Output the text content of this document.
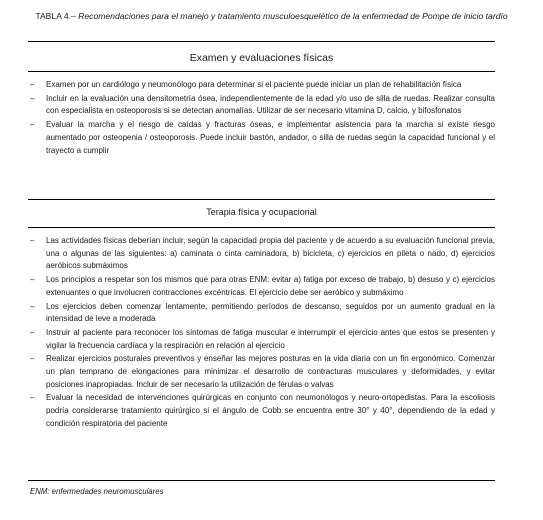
TABLA 4.– Recomendaciones para el manejo y tratamiento musculoesquelético de la enfermedad de Pompe de inicio tardío
Examen y evaluaciones físicas
– Examen por un cardiólogo y neumonólogo para determinar si el paciente puede iniciar un plan de rehabilitación física
– Incluir en la evaluación una densitometría ósea, independientemente de la edad y/o uso de silla de ruedas. Realizar consulta con especialista en osteoporosis si se detectan anomalías. Utilizar de ser necesario vitamina D, calcio, y bifosfonatos
– Evaluar la marcha y el riesgo de caídas y fracturas óseas, e implementar asistencia para la marcha si existe riesgo aumentado por osteopenia / osteoporosis. Puede incluir bastón, andador, o silla de ruedas según la capacidad funcional y el trayecto a cumplir
Terapia física y ocupacional
– Las actividades físicas deberían incluir, según la capacidad propia del paciente y de acuerdo a su evaluación funcional previa, una o algunas de las siguientes: a) caminata o cinta caminadora, b) bicicleta, c) ejercicios en pileta o nado, d) ejercicios aeróbicos submáximos
– Los principios a respetar son los mismos que para otras ENM: evitar a) fatiga por exceso de trabajo, b) desuso y c) ejercicios extenuantes o que involucren contracciones excéntricas. El ejercicio debe ser aeróbico y submáximo
– Los ejercicios deben comenzar lentamente, permitiendo períodos de descanso, seguidos por un aumento gradual en la intensidad de leve a moderada
– Instruir al paciente para reconocer los síntomas de fatiga muscular e interrumpir el ejercicio antes que estos se presenten y vigilar la frecuencia cardíaca y la respiración en relación al ejercicio
– Realizar ejercicios posturales preventivos y enseñar las mejores posturas en la vida diaria con un fin ergonómico. Comenzar un plan temprano de elongaciones para minimizar el desarrollo de contracturas musculares y deformidades, y evitar posiciones inapropiadas. Incluir de ser necesario la utilización de férulas o valvas
– Evaluar la necesidad de intervenciones quirúrgicas en conjunto con neumonólogos y neuro-ortopedistas. Para la escoliosis podría considerarse tratamiento quirúrgico si el ángulo de Cobb se encuentra entre 30° y 40°, dependiendo de la edad y condición respiratoria del paciente
ENM: enfermedades neuromusculares
